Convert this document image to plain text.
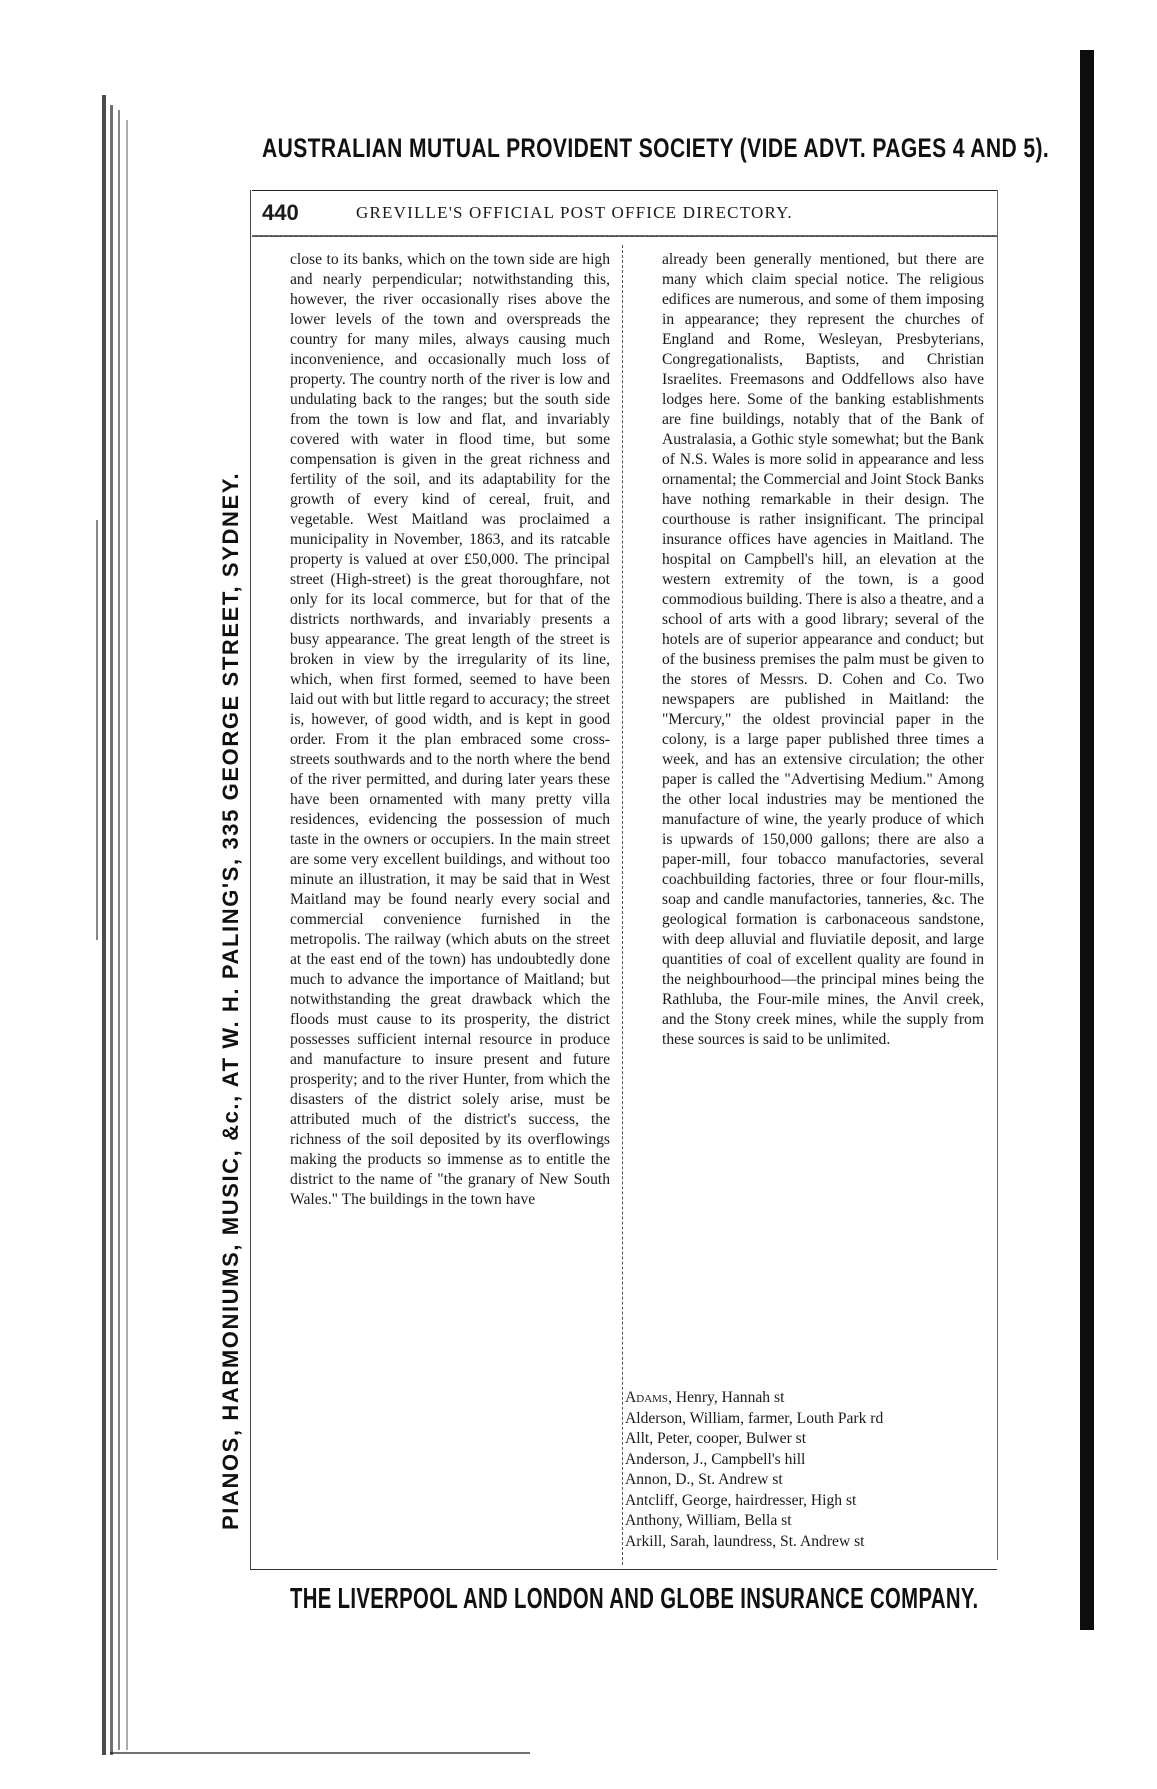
AUSTRALIAN MUTUAL PROVIDENT SOCIETY (VIDE ADVT. PAGES 4 AND 5).
440	GREVILLE'S OFFICIAL POST OFFICE DIRECTORY.
PIANOS, HARMONIUMS, MUSIC, &c., AT W. H. PALING'S, 335 GEORGE STREET, SYDNEY.

close to its banks, which on the town side are high and nearly perpendicular; notwithstanding this, however, the river occasionally rises above the lower levels of the town and overspreads the country for many miles, always causing much inconvenience, and occasionally much loss of property. The country north of the river is low and undulating back to the ranges; but the south side from the town is low and flat, and invariably covered with water in flood time, but some compensation is given in the great richness and fertility of the soil, and its adaptability for the growth of every kind of cereal, fruit, and vegetable. West Maitland was proclaimed a municipality in November, 1863, and its ratcable property is valued at over £50,000. The principal street (High-street) is the great thoroughfare, not only for its local commerce, but for that of the districts northwards, and invariably presents a busy appearance. The great length of the street is broken in view by the irregularity of its line, which, when first formed, seemed to have been laid out with but little regard to accuracy; the street is, however, of good width, and is kept in good order. From it the plan embraced some cross-streets southwards and to the north where the bend of the river permitted, and during later years these have been ornamented with many pretty villa residences, evidencing the possession of much taste in the owners or occupiers. In the main street are some very excellent buildings, and without too minute an illustration, it may be said that in West Maitland may be found nearly every social and commercial convenience furnished in the metropolis. The railway (which abuts on the street at the east end of the town) has undoubtedly done much to advance the importance of Maitland; but notwithstanding the great drawback which the floods must cause to its prosperity, the district possesses sufficient internal resource in produce and manufacture to insure present and future prosperity; and to the river Hunter, from which the disasters of the district solely arise, must be attributed much of the district's success, the richness of the soil deposited by its overflowings making the products so immense as to entitle the district to the name of "the granary of New South Wales." The buildings in the town have

already been generally mentioned, but there are many which claim special notice. The religious edifices are numerous, and some of them imposing in appearance; they represent the churches of England and Rome, Wesleyan, Presbyterians, Congregationalists, Baptists, and Christian Israelites. Freemasons and Oddfellows also have lodges here. Some of the banking establishments are fine buildings, notably that of the Bank of Australasia, a Gothic style somewhat; but the Bank of N.S. Wales is more solid in appearance and less ornamental; the Commercial and Joint Stock Banks have nothing remarkable in their design. The courthouse is rather insignificant. The principal insurance offices have agencies in Maitland. The hospital on Campbell's hill, an elevation at the western extremity of the town, is a good commodious building. There is also a theatre, and a school of arts with a good library; several of the hotels are of superior appearance and conduct; but of the business premises the palm must be given to the stores of Messrs. D. Cohen and Co. Two newspapers are published in Maitland: the "Mercury," the oldest provincial paper in the colony, is a large paper published three times a week, and has an extensive circulation; the other paper is called the "Advertising Medium." Among the other local industries may be mentioned the manufacture of wine, the yearly produce of which is upwards of 150,000 gallons; there are also a paper-mill, four tobacco manufactories, several coachbuilding factories, three or four flour-mills, soap and candle manufactories, tanneries, &c. The geological formation is carbonaceous sandstone, with deep alluvial and fluviatile deposit, and large quantities of coal of excellent quality are found in the neighbourhood—the principal mines being the Rathluba, the Four-mile mines, the Anvil creek, and the Stony creek mines, while the supply from these sources is said to be unlimited.

Adams, Henry, Hannah st
Alderson, William, farmer, Louth Park rd
Allt, Peter, cooper, Bulwer st
Anderson, J., Campbell's hill
Annon, D., St. Andrew st
Antcliff, George, hairdresser, High st
Anthony, William, Bella st
Arkill, Sarah, laundress, St. Andrew st
THE LIVERPOOL AND LONDON AND GLOBE INSURANCE COMPANY.
